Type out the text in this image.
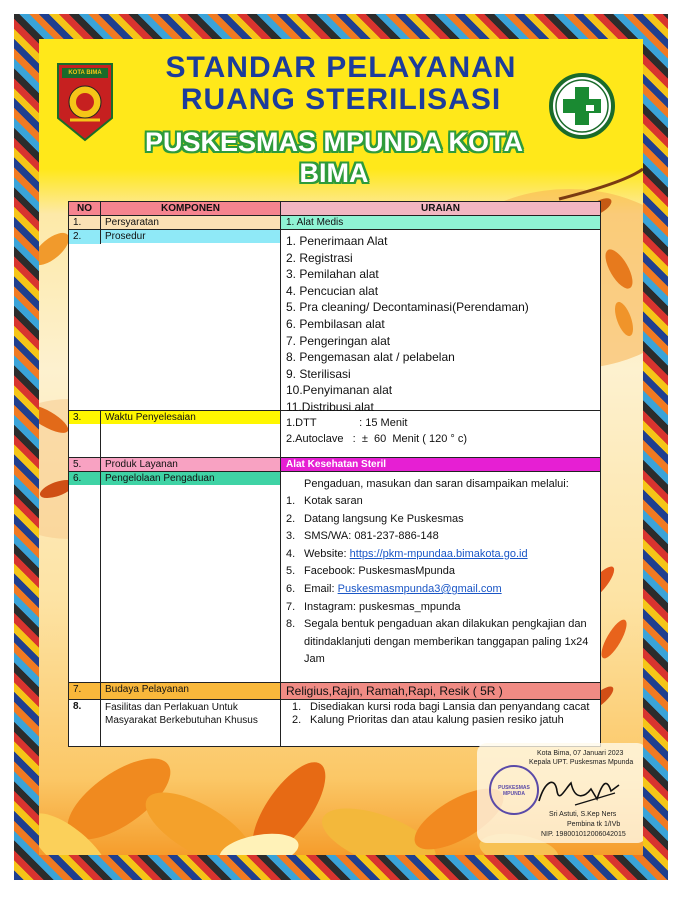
KOTA BIMA	STANDAR PELAYANAN
RUANG STERILISASI
PUSKESMAS MPUNDA KOTA BIMA
NO	KOMPONEN	URAIAN
1.	Persyaratan	1. Alat Medis
2.	Prosedur	1. Penerimaan Alat
2. Registrasi
3. Pemilahan alat
4. Pencucian alat
5. Pra cleaning/ Decontaminasi(Perendaman)
6. Pembilasan alat
7. Pengeringan alat
8. Pengemasan alat / pelabelan
9. Sterilisasi
10.Penyimanan alat
11.Distribusi alat
3.	Waktu Penyelesaian	1.DTT              : 15 Menit
2.Autoclave   :  ±  60  Menit ( 120 ° c)
5.	Produk Layanan	Alat Kesehatan Steril
6.	Pengelolaan Pengaduan	Pengaduan, masukan dan saran disampaikan melalui:
1. Kotak saran
2. Datang langsung Ke Puskesmas
3. SMS/WA: 081-237-886-148
4. Website: https://pkm-mpundaa.bimakota.go.id
5. Facebook: PuskesmasMpunda
6. Email: Puskesmasmpunda3@gmail.com
7. Instagram: puskesmas_mpunda
8. Segala bentuk pengaduan akan dilakukan pengkajian dan ditindaklanjuti dengan memberikan tanggapan paling 1x24 Jam
7.	Budaya Pelayanan	Religius,Rajin, Ramah,Rapi, Resik ( 5R )
8.	Fasilitas dan Perlakuan Untuk Masyarakat Berkebutuhan Khusus
1. Disediakan kursi roda bagi Lansia dan penyandang cacat
2. Kalung Prioritas dan atau kalung pasien resiko jatuh
Kota Bima, 07 Januari 2023
Kepala UPT. Puskesmas Mpunda
PUSKESMAS MPUNDA
Sri Astuti, S.Kep Ners
Pembina tk 1/IVb
NIP. 198001012006042015
